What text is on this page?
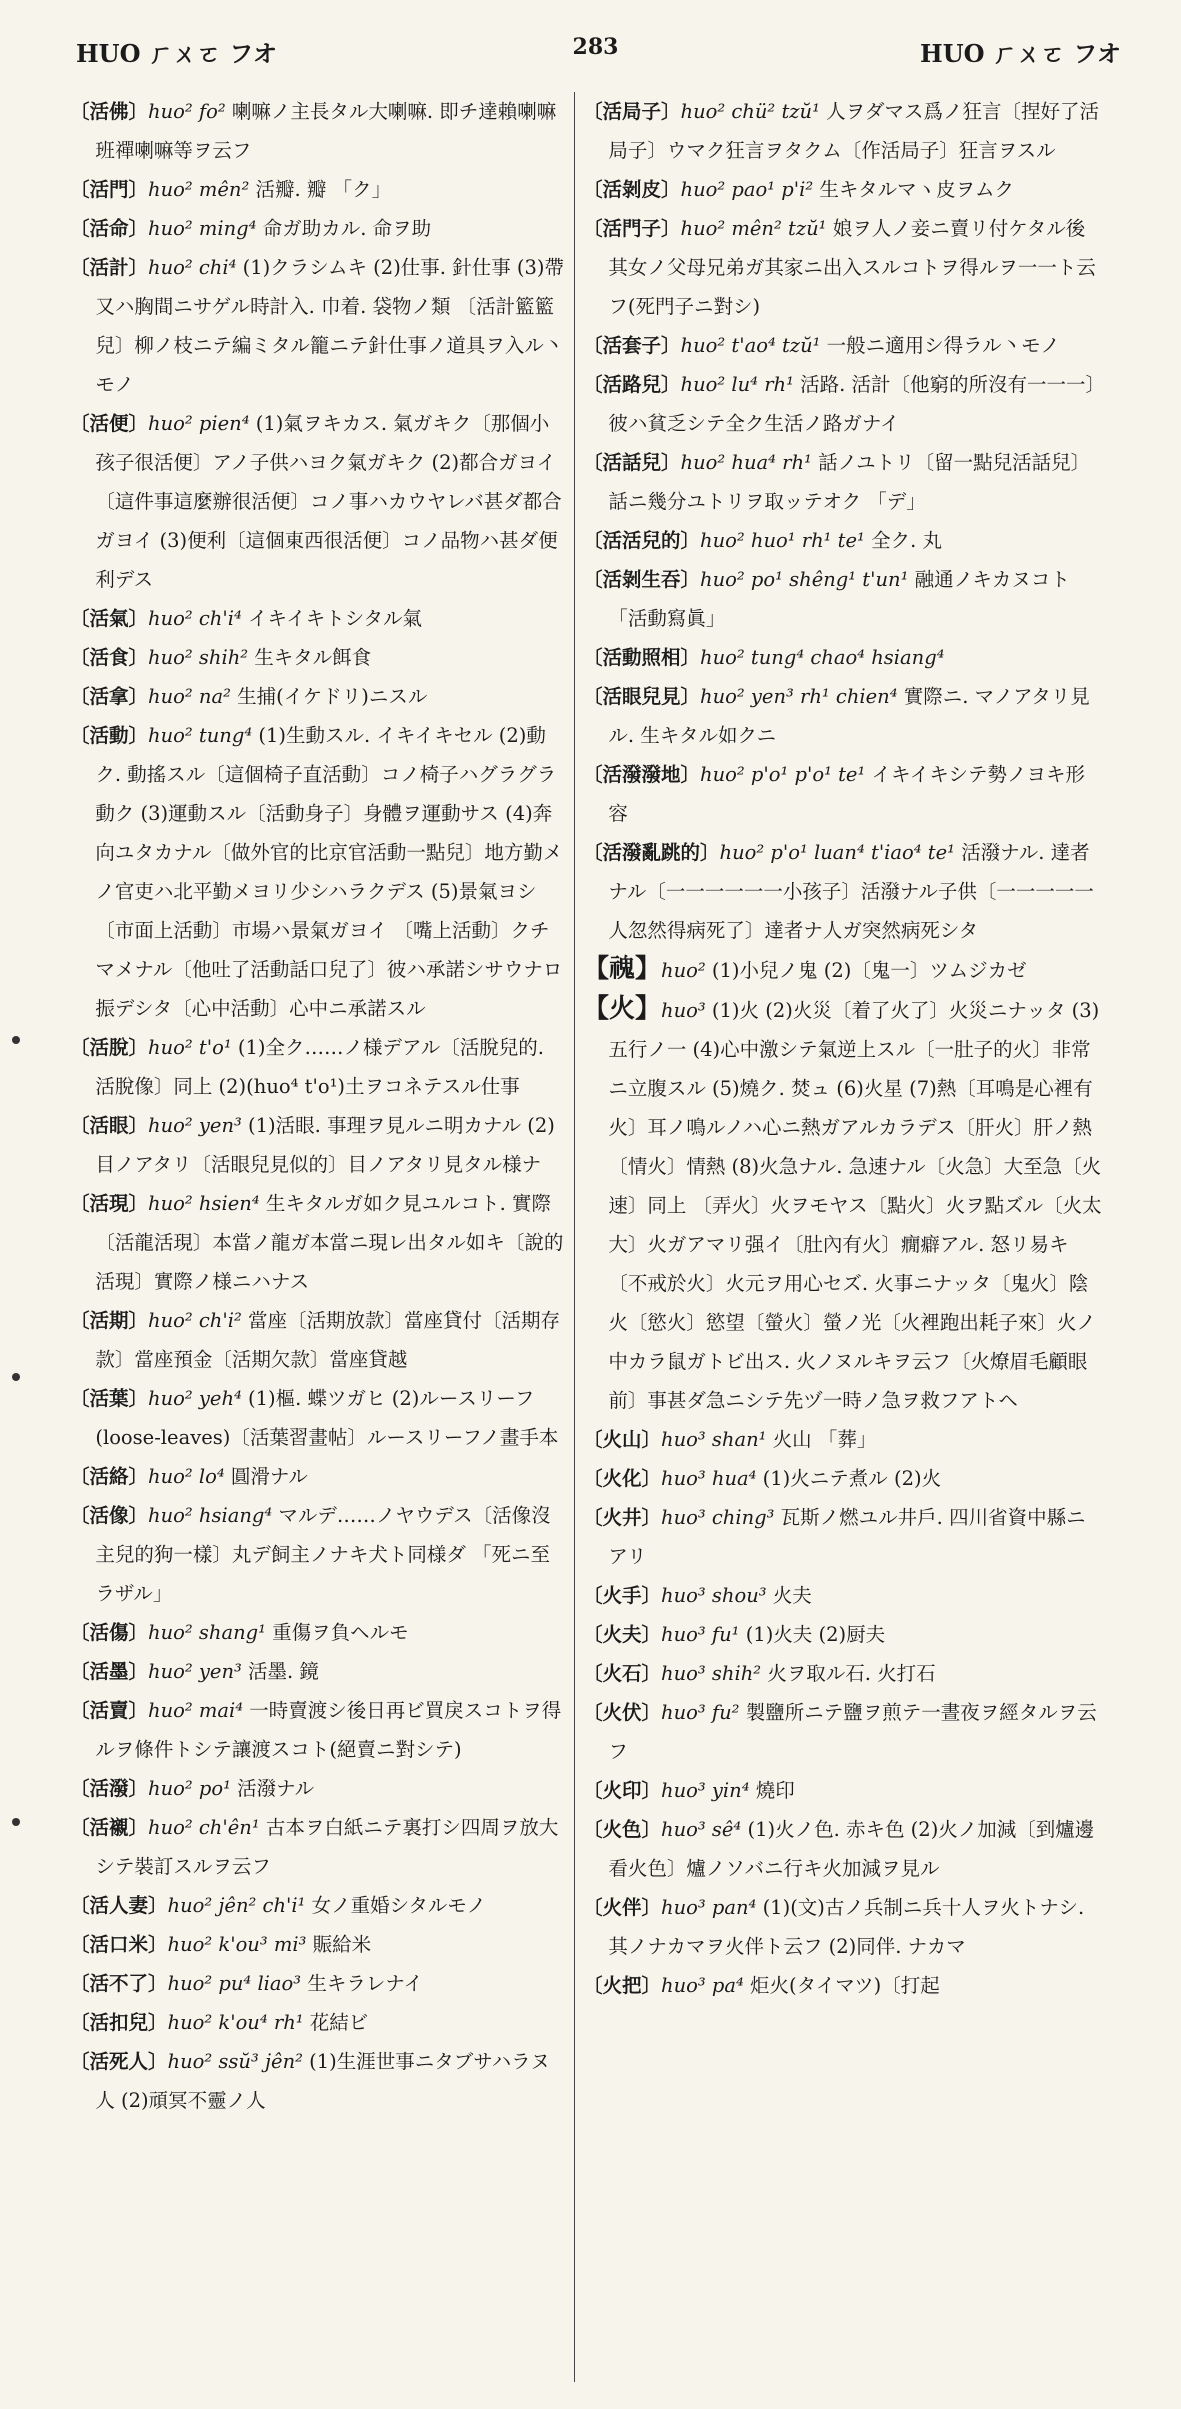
HUO ㄏㄨㄛ フオ	283	HUO ㄏㄨㄛ フオ

〔活佛〕huo² fo² 喇嘛ノ主長タル大喇嘛. 即チ達賴喇嘛班禪喇嘛等ヲ云フ

〔活門〕huo² mên² 活瓣. 瓣 「ク」

〔活命〕huo² ming⁴ 命ガ助カル. 命ヲ助

〔活計〕huo² chi⁴ (1)クラシムキ (2)仕事. 針仕事 (3)帶又ハ胸間ニサゲル時計入. 巾着. 袋物ノ類 〔活計籃籃兒〕柳ノ枝ニテ編ミタル籠ニテ針仕事ノ道具ヲ入ル丶モノ

〔活便〕huo² pien⁴ (1)氣ヲキカス. 氣ガキク〔那個小孩子很活便〕アノ子供ハヨク氣ガキク (2)都合ガヨイ〔這件事這麼辦很活便〕コノ事ハカウヤレバ甚ダ都合ガヨイ (3)便利〔這個東西很活便〕コノ品物ハ甚ダ便利デス

〔活氣〕huo² ch'i⁴ イキイキトシタル氣

〔活食〕huo² shih² 生キタル餌食

〔活拿〕huo² na² 生捕(イケドリ)ニスル

〔活動〕huo² tung⁴ (1)生動スル. イキイキセル (2)動ク. 動搖スル〔這個椅子直活動〕コノ椅子ハグラグラ動ク (3)運動スル〔活動身子〕身體ヲ運動サス (4)奔向ユタカナル〔做外官的比京官活動一點兒〕地方勤メノ官吏ハ北平勤メヨリ少シハラクデス (5)景氣ヨシ〔市面上活動〕市場ハ景氣ガヨイ 〔嘴上活動〕クチマメナル〔他吐了活動話口兒了〕彼ハ承諾シサウナロ振デシタ〔心中活動〕心中ニ承諾スル

〔活脫〕huo² t'o¹ (1)全ク……ノ様デアル〔活脫兒的. 活脫像〕同上 (2)(huo⁴ t'o¹)土ヲコネテスル仕事

〔活眼〕huo² yen³ (1)活眼. 事理ヲ見ルニ明カナル (2)目ノアタリ〔活眼兒見似的〕目ノアタリ見タル様ナ

〔活現〕huo² hsien⁴ 生キタルガ如ク見ユルコト. 實際〔活龍活現〕本當ノ龍ガ本當ニ現レ出タル如キ〔說的活現〕實際ノ様ニハナス

〔活期〕huo² ch'i² 當座〔活期放款〕當座貸付〔活期存款〕當座預金〔活期欠款〕當座貸越

〔活葉〕huo² yeh⁴ (1)樞. 蝶ツガヒ (2)ルースリーフ (loose-leaves)〔活葉習畫帖〕ルースリーフノ畫手本

〔活絡〕huo² lo⁴ 圓滑ナル

〔活像〕huo² hsiang⁴ マルデ……ノヤウデス〔活像沒主兒的狗一樣〕丸デ飼主ノナキ犬ト同様ダ 「死ニ至ラザル」

〔活傷〕huo² shang¹ 重傷ヲ負ヘルモ

〔活墨〕huo² yen³ 活墨. 鏡

〔活賣〕huo² mai⁴ 一時賣渡シ後日再ビ買戾スコトヲ得ルヲ條件トシテ讓渡スコト(絕賣ニ對シテ)

〔活潑〕huo² po¹ 活潑ナル

〔活襯〕huo² ch'ên¹ 古本ヲ白紙ニテ裏打シ四周ヲ放大シテ裝訂スルヲ云フ

〔活人妻〕huo² jên² ch'i¹ 女ノ重婚シタルモノ

〔活口米〕huo² k'ou³ mi³ 賑給米

〔活不了〕huo² pu⁴ liao³ 生キラレナイ

〔活扣兒〕huo² k'ou⁴ rh¹ 花結ビ

〔活死人〕huo² ssŭ³ jên² (1)生涯世事ニタブサハラヌ人 (2)頑冥不靈ノ人

〔活局子〕huo² chü² tzŭ¹ 人ヲダマス爲ノ狂言〔捏好了活局子〕ウマク狂言ヲタクム〔作活局子〕狂言ヲスル

〔活剝皮〕huo² pao¹ p'i² 生キタルマヽ皮ヲムク

〔活門子〕huo² mên² tzŭ¹ 娘ヲ人ノ妾ニ賣リ付ケタル後其女ノ父母兄弟ガ其家ニ出入スルコトヲ得ルヲ一一ト云フ(死門子ニ對シ)

〔活套子〕huo² t'ao⁴ tzŭ¹ 一般ニ適用シ得ラル丶モノ

〔活路兒〕huo² lu⁴ rh¹ 活路. 活計〔他窮的所沒有一一一〕彼ハ貧乏シテ全ク生活ノ路ガナイ

〔活話兒〕huo² hua⁴ rh¹ 話ノユトリ〔留一點兒活話兒〕話ニ幾分ユトリヲ取ッテオク 「デ」

〔活活兒的〕huo² huo¹ rh¹ te¹ 全ク. 丸

〔活剝生吞〕huo² po¹ shêng¹ t'un¹ 融通ノキカヌコト 「活動寫眞」

〔活動照相〕huo² tung⁴ chao⁴ hsiang⁴

〔活眼兒見〕huo² yen³ rh¹ chien⁴ 實際ニ. マノアタリ見ル. 生キタル如クニ

〔活潑潑地〕huo² p'o¹ p'o¹ te¹ イキイキシテ勢ノヨキ形容

〔活潑亂跳的〕huo² p'o¹ luan⁴ t'iao⁴ te¹ 活潑ナル. 達者ナル〔一一一一一一小孩子〕活潑ナル子供〔一一一一一人忽然得病死了〕達者ナ人ガ突然病死シタ

【𩲡】huo² (1)小兒ノ鬼 (2)〔鬼一〕ツムジカゼ

【火】huo³ (1)火 (2)火災〔着了火了〕火災ニナッタ (3)五行ノ一 (4)心中激シテ氣逆上スル〔一肚子的火〕非常ニ立腹スル (5)燒ク. 焚ュ (6)火星 (7)熱〔耳鳴是心裡有火〕耳ノ鳴ルノハ心ニ熱ガアルカラデス〔肝火〕肝ノ熱〔情火〕情熱 (8)火急ナル. 急速ナル〔火急〕大至急〔火速〕同上 〔弄火〕火ヲモヤス〔點火〕火ヲ點ズル〔火太大〕火ガアマリ强イ〔肚內有火〕癇癖アル. 怒リ易キ〔不戒於火〕火元ヲ用心セズ. 火事ニナッタ〔鬼火〕陰火〔慾火〕慾望〔螢火〕螢ノ光〔火裡跑出耗子來〕火ノ中カラ鼠ガトビ出ス. 火ノヌルキヲ云フ〔火燎眉毛顧眼前〕事甚ダ急ニシテ先ヅ一時ノ急ヲ救フアトヘ

〔火山〕huo³ shan¹ 火山 「葬」

〔火化〕huo³ hua⁴ (1)火ニテ煮ル (2)火

〔火井〕huo³ ching³ 瓦斯ノ燃ユル井戶. 四川省資中縣ニアリ

〔火手〕huo³ shou³ 火夫

〔火夫〕huo³ fu¹ (1)火夫 (2)厨夫

〔火石〕huo³ shih² 火ヲ取ル石. 火打石

〔火伏〕huo³ fu² 製鹽所ニテ鹽ヲ煎テ一晝夜ヲ經タルヲ云フ

〔火印〕huo³ yin⁴ 燒印

〔火色〕huo³ sê⁴ (1)火ノ色. 赤キ色 (2)火ノ加減〔到爐邊看火色〕爐ノソバニ行キ火加減ヲ見ル

〔火伴〕huo³ pan⁴ (1)(文)古ノ兵制ニ兵十人ヲ火トナシ. 其ノナカマヲ火伴ト云フ (2)同伴. ナカマ

〔火把〕huo³ pa⁴ 炬火(タイマツ)〔打起
